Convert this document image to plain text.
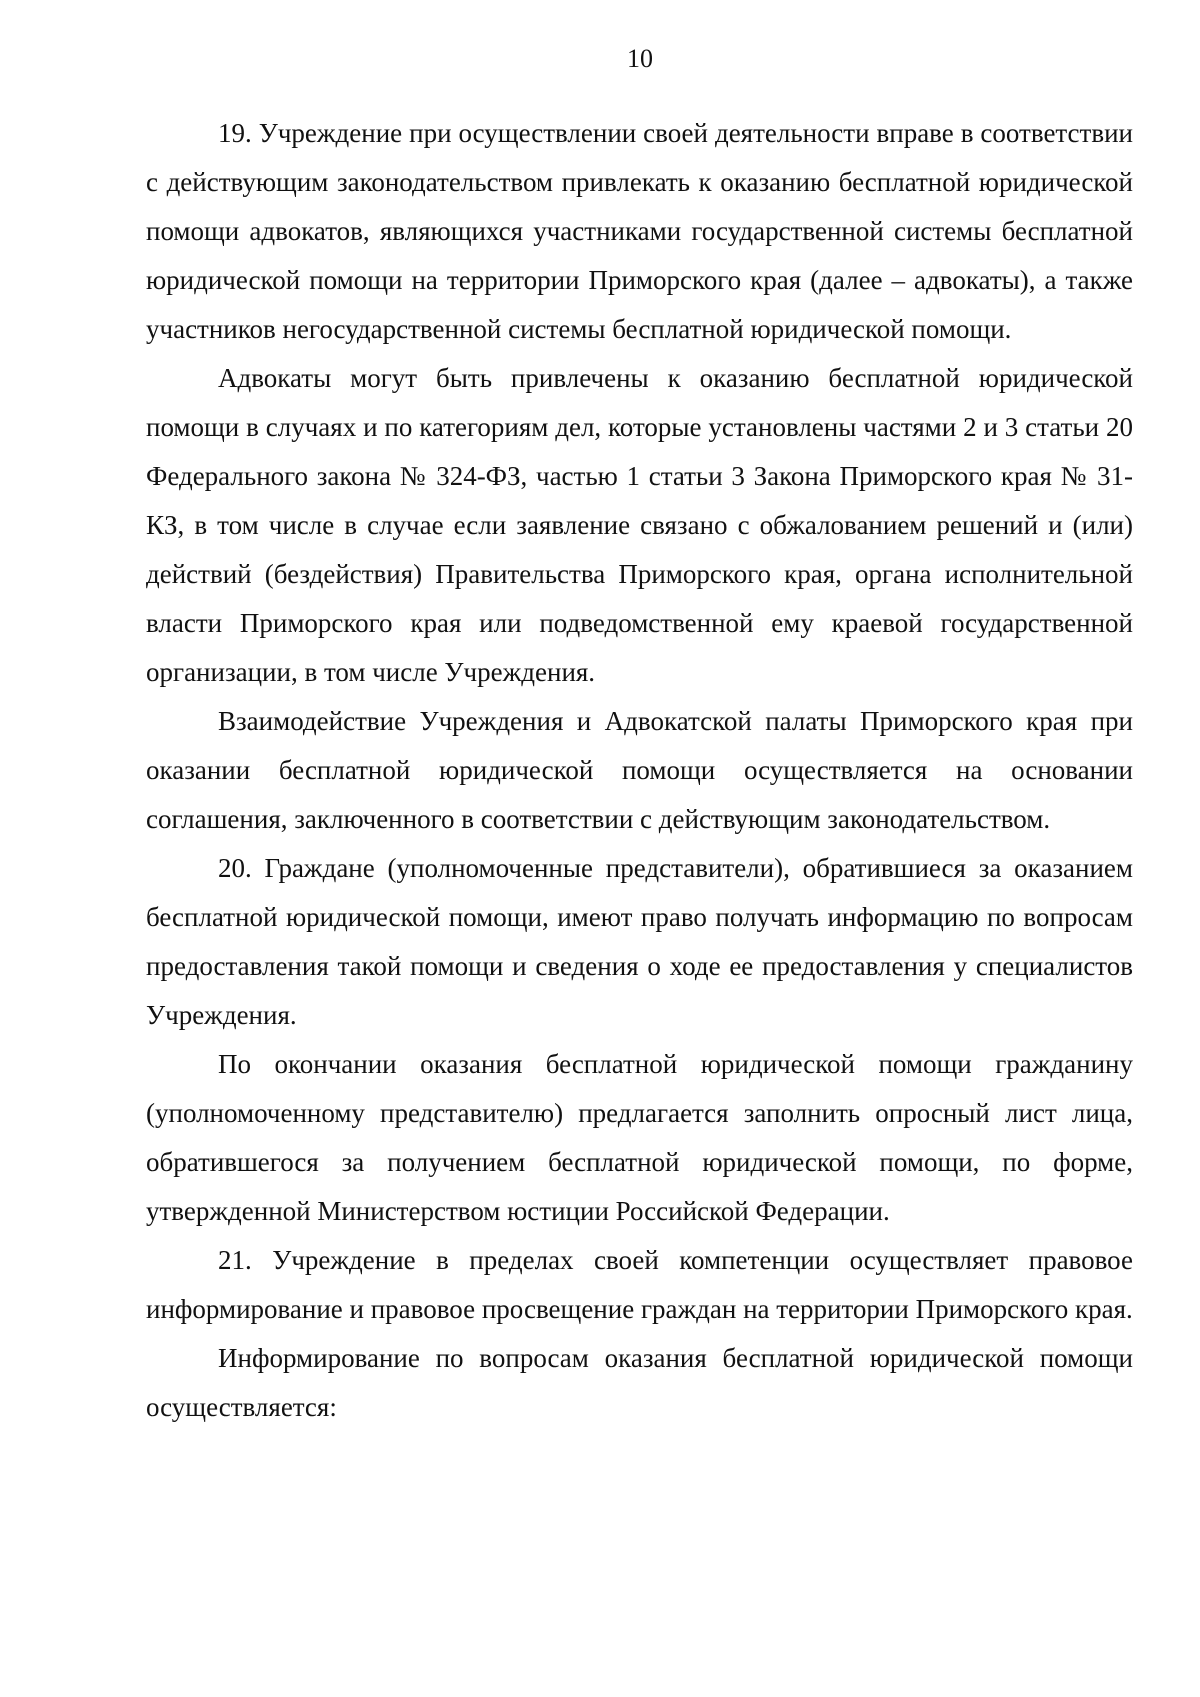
10

19. Учреждение при осуществлении своей деятельности вправе в соответствии с действующим законодательством привлекать к оказанию бесплатной юридической помощи адвокатов, являющихся участниками государственной системы бесплатной юридической помощи на территории Приморского края (далее – адвокаты), а также участников негосударственной системы бесплатной юридической помощи.

Адвокаты могут быть привлечены к оказанию бесплатной юридической помощи в случаях и по категориям дел, которые установлены частями 2 и 3 статьи 20 Федерального закона № 324-ФЗ, частью 1 статьи 3 Закона Приморского края № 31-КЗ, в том числе в случае если заявление связано с обжалованием решений и (или) действий (бездействия) Правительства Приморского края, органа исполнительной власти Приморского края или подведомственной ему краевой государственной организации, в том числе Учреждения.

Взаимодействие Учреждения и Адвокатской палаты Приморского края при оказании бесплатной юридической помощи осуществляется на основании соглашения, заключенного в соответствии с действующим законодательством.

20. Граждане (уполномоченные представители), обратившиеся за оказанием бесплатной юридической помощи, имеют право получать информацию по вопросам предоставления такой помощи и сведения о ходе ее предоставления у специалистов Учреждения.

По окончании оказания бесплатной юридической помощи гражданину (уполномоченному представителю) предлагается заполнить опросный лист лица, обратившегося за получением бесплатной юридической помощи, по форме, утвержденной Министерством юстиции Российской Федерации.

21. Учреждение в пределах своей компетенции осуществляет правовое информирование и правовое просвещение граждан на территории Приморского края.

Информирование по вопросам оказания бесплатной юридической помощи осуществляется:
